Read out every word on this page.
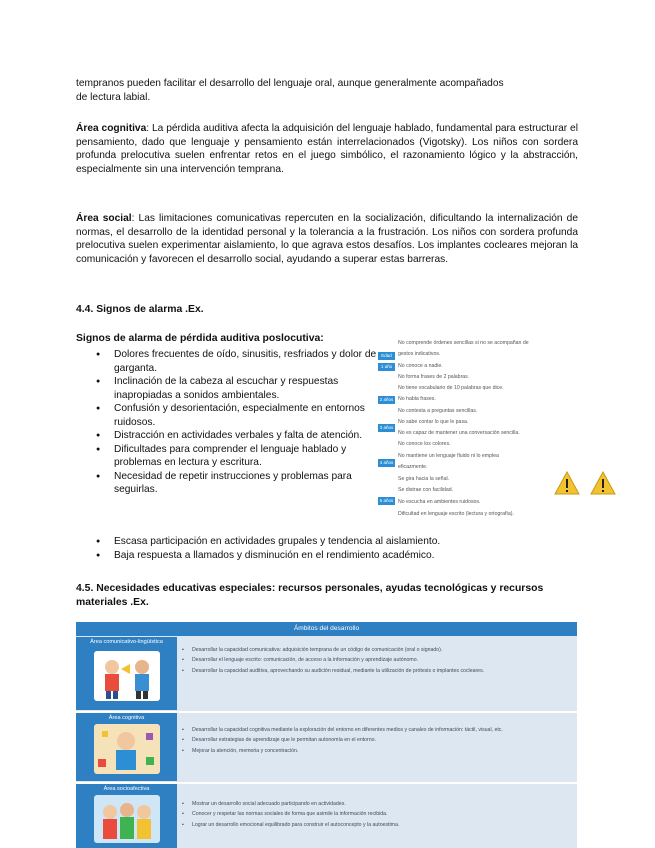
tempranos pueden facilitar el desarrollo del lenguaje oral, aunque generalmente acompañados
de lectura labial.
Área cognitiva: La pérdida auditiva afecta la adquisición del lenguaje hablado, fundamental para estructurar el pensamiento, dado que lenguaje y pensamiento están interrelacionados (Vigotsky). Los niños con sordera profunda prelocutiva suelen enfrentar retos en el juego simbólico, el razonamiento lógico y la abstracción, especialmente sin una intervención temprana.
Área social: Las limitaciones comunicativas repercuten en la socialización, dificultando la internalización de normas, el desarrollo de la identidad personal y la tolerancia a la frustración. Los niños con sordera profunda prelocutiva suelen experimentar aislamiento, lo que agrava estos desafíos. Los implantes cocleares mejoran la comunicación y favorecen el desarrollo social, ayudando a superar estas barreras.
4.4. Signos de alarma .Ex.
Signos de alarma de pérdida auditiva poslocutiva:
● Dolores frecuentes de oído, sinusitis, resfriados y dolor de garganta.
● Inclinación de la cabeza al escuchar y respuestas inapropiadas a sonidos ambientales.
● Confusión y desorientación, especialmente en entornos ruidosos.
● Distracción en actividades verbales y falta de atención.
● Dificultades para comprender el lenguaje hablado y problemas en lectura y escritura.
● Necesidad de repetir instrucciones y problemas para seguirlas.
● Escasa participación en actividades grupales y tendencia al aislamiento.
● Baja respuesta a llamados y disminución en el rendimiento académico.
Edad
1 año
2 años
3 años
4 años
5 años
No comprende órdenes sencillas si no se acompañan de
gestos indicativos.
No conoce a nadie.
No forma frases de 2 palabras.
No tiene vocabulario de 10 palabras que dice.
No habla frases.
No contesta a preguntas sencillas.
No sabe contar lo que le pasa.
No es capaz de mantener una conversación sencilla.
No conoce los colores.
No mantiene un lenguaje fluido ni lo emplea
eficazmente.
Se gira hacia la señal.
Se distrae con facilidad.
No escucha en ambientes ruidosos.
Dificultad en lenguaje escrito (lectura y ortografía).
4.5. Necesidades educativas especiales: recursos personales, ayudas tecnológicas y recursos materiales .Ex.
Ámbitos del desarrollo
Área comunicativo-lingüística
▪ Desarrollar la capacidad comunicativa: adquisición temprana de un código de comunicación (oral o signado).
▪ Desarrollar el lenguaje escrito: comunicación, de acceso a la información y aprendizaje autónomo.
▪ Desarrollar la capacidad auditiva, aprovechando su audición residual, mediante la utilización de prótesis o implantes cocleares.
Área cognitiva
▪ Desarrollar la capacidad cognitiva mediante la exploración del entorno en diferentes medios y canales de información: táctil, visual, etc.
▪ Desarrollar estrategias de aprendizaje que le permitan autonomía en el entorno.
▪ Mejorar la atención, memoria y concentración.
Área socioafectiva
▪ Mostrar un desarrollo social adecuado participando en actividades.
▪ Conocer y respetar las normas sociales de forma que asimile la información recibida.
▪ Lograr un desarrollo emocional equilibrado para construir el autoconcepto y la autoestima.
